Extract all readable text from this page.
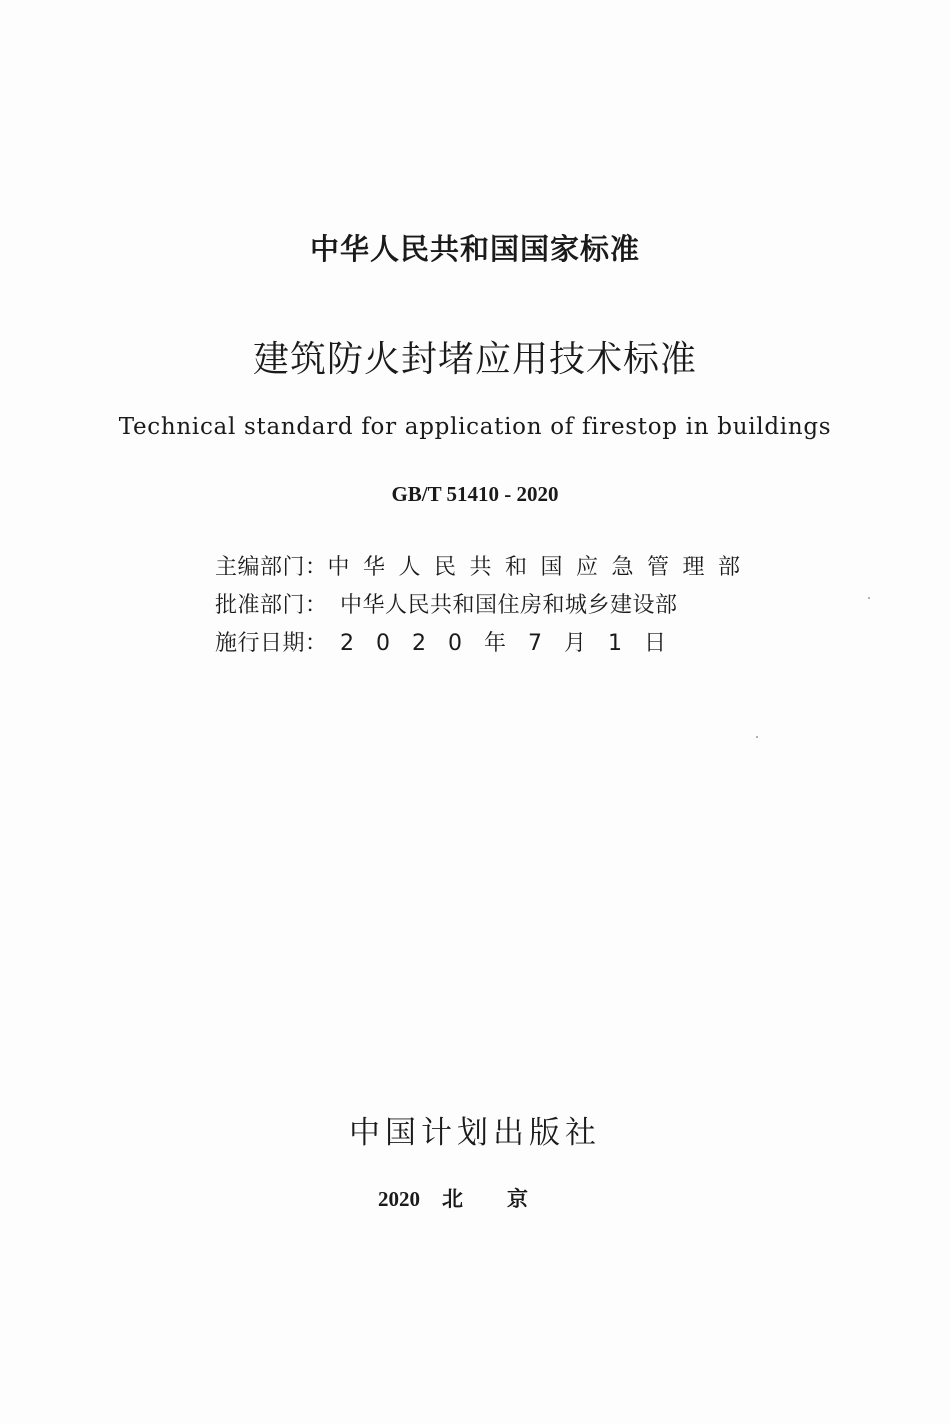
中华人民共和国国家标准
建筑防火封堵应用技术标准
Technical standard for application of firestop in buildings
GB/T 51410 - 2020
主编部门： 中华人民共和国应急管理部
批准部门： 中华人民共和国住房和城乡建设部
施行日期： 2020年7月1日
中国计划出版社
2020 北京
